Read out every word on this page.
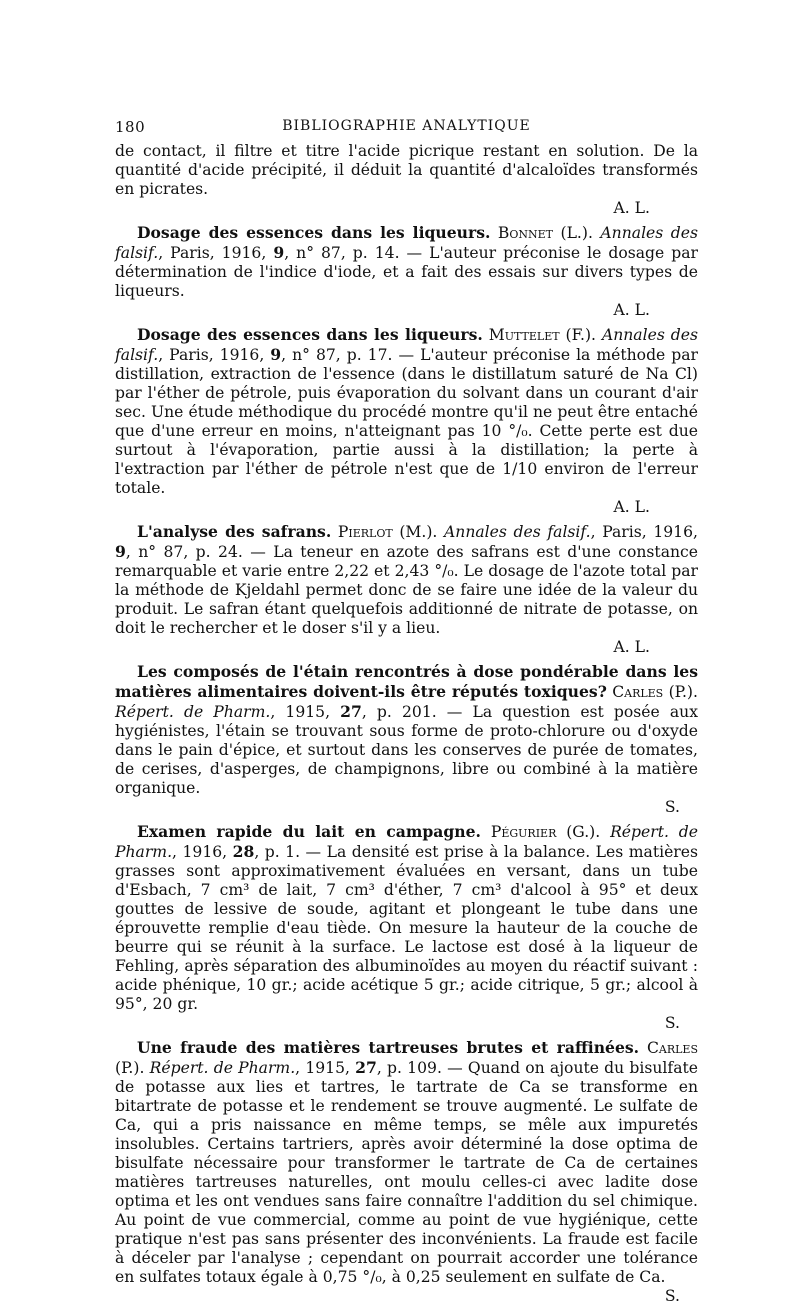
180	BIBLIOGRAPHIE ANALYTIQUE

de contact, il filtre et titre l'acide picrique restant en solution. De la quantité d'acide précipité, il déduit la quantité d'alcaloïdes transformés en picrates.

A. L.

Dosage des essences dans les liqueurs. Bonnet (L.). Annales des falsif., Paris, 1916, 9, n° 87, p. 14. — L'auteur préconise le dosage par détermination de l'indice d'iode, et a fait des essais sur divers types de liqueurs.

A. L.

Dosage des essences dans les liqueurs. Muttelet (F.). Annales des falsif., Paris, 1916, 9, n° 87, p. 17. — L'auteur préconise la méthode par distillation, extraction de l'essence (dans le distillatum saturé de Na Cl) par l'éther de pétrole, puis évaporation du solvant dans un courant d'air sec. Une étude méthodique du procédé montre qu'il ne peut être entaché que d'une erreur en moins, n'atteignant pas 10 °/₀. Cette perte est due surtout à l'évaporation, partie aussi à la distillation; la perte à l'extraction par l'éther de pétrole n'est que de 1/10 environ de l'erreur totale.

A. L.

L'analyse des safrans. Pierlot (M.). Annales des falsif., Paris, 1916, 9, n° 87, p. 24. — La teneur en azote des safrans est d'une constance remarquable et varie entre 2,22 et 2,43 °/₀. Le dosage de l'azote total par la méthode de Kjeldahl permet donc de se faire une idée de la valeur du produit. Le safran étant quelquefois additionné de nitrate de potasse, on doit le rechercher et le doser s'il y a lieu.

A. L.

Les composés de l'étain rencontrés à dose pondérable dans les matières alimentaires doivent-ils être réputés toxiques? Carles (P.). Répert. de Pharm., 1915, 27, p. 201. — La question est posée aux hygiénistes, l'étain se trouvant sous forme de proto-chlorure ou d'oxyde dans le pain d'épice, et surtout dans les conserves de purée de tomates, de cerises, d'asperges, de champignons, libre ou combiné à la matière organique.

S.

Examen rapide du lait en campagne. Pégurier (G.). Répert. de Pharm., 1916, 28, p. 1. — La densité est prise à la balance. Les matières grasses sont approximativement évaluées en versant, dans un tube d'Esbach, 7 cm³ de lait, 7 cm³ d'éther, 7 cm³ d'alcool à 95° et deux gouttes de lessive de soude, agitant et plongeant le tube dans une éprouvette remplie d'eau tiède. On mesure la hauteur de la couche de beurre qui se réunit à la surface. Le lactose est dosé à la liqueur de Fehling, après séparation des albuminoïdes au moyen du réactif suivant : acide phénique, 10 gr.; acide acétique 5 gr.; acide citrique, 5 gr.; alcool à 95°, 20 gr.

S.

Une fraude des matières tartreuses brutes et raffinées. Carles (P.). Répert. de Pharm., 1915, 27, p. 109. — Quand on ajoute du bisulfate de potasse aux lies et tartres, le tartrate de Ca se transforme en bitartrate de potasse et le rendement se trouve augmenté. Le sulfate de Ca, qui a pris naissance en même temps, se mêle aux impuretés insolubles. Certains tartriers, après avoir déterminé la dose optima de bisulfate nécessaire pour transformer le tartrate de Ca de certaines matières tartreuses naturelles, ont moulu celles-ci avec ladite dose optima et les ont vendues sans faire connaître l'addition du sel chimique. Au point de vue commercial, comme au point de vue hygiénique, cette pratique n'est pas sans présenter des inconvénients. La fraude est facile à déceler par l'analyse ; cependant on pourrait accorder une tolérance en sulfates totaux égale à 0,75 °/₀, à 0,25 seulement en sulfate de Ca.

S.
